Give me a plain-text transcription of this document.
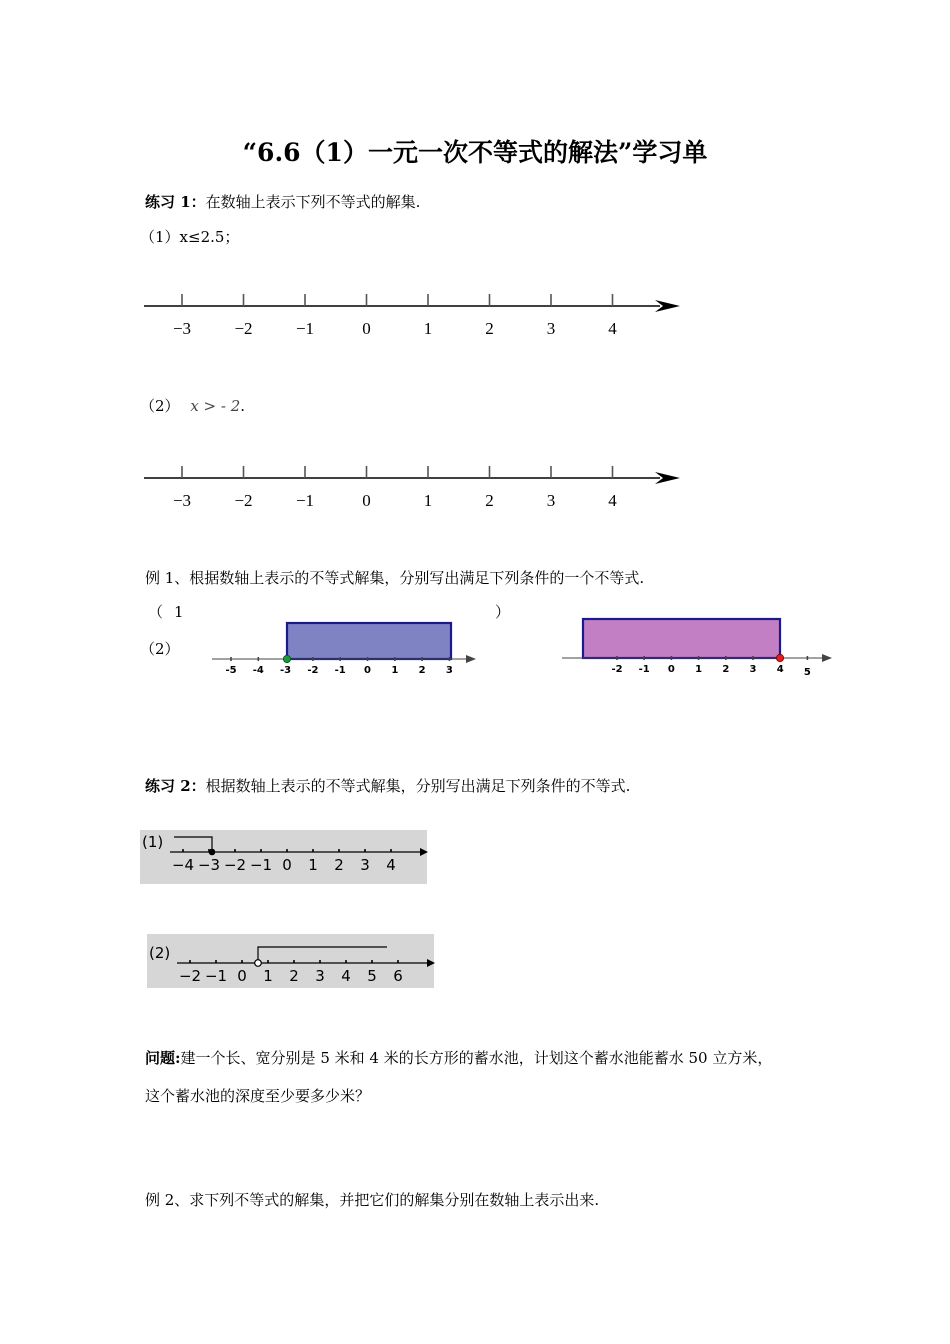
“6.6（1）一元一次不等式的解法”学习单
练习 1：在数轴上表示下列不等式的解集.
（1）x≤2.5；
−3	−2	−1	0	1	2	3	4
（2） x > - 2.
−3	−2	−1	0	1	2	3	4
例 1、根据数轴上表示的不等式解集，分别写出满足下列条件的一个不等式.
（ 1	）
（2）
-5 -4 -3 -2 -1 0 1 2 3	-2 -1 0 1 2 3 4 5
练习 2：根据数轴上表示的不等式解集，分别写出满足下列条件的不等式.
(1)
−4 −3 −2 −1 0 1 2 3 4
(2)
−2 −1 0 1 2 3 4 5 6
问题:建一个长、宽分别是 5 米和 4 米的长方形的蓄水池，计划这个蓄水池能蓄水 50 立方米，
这个蓄水池的深度至少要多少米？
例 2、求下列不等式的解集，并把它们的解集分别在数轴上表示出来.
